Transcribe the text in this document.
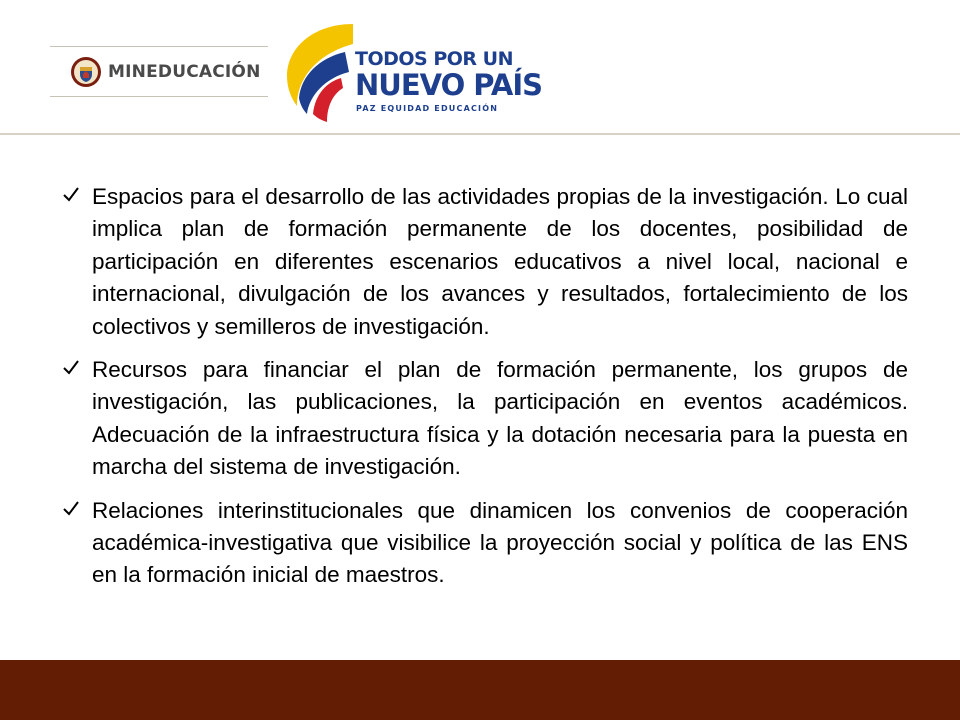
MINEDUCACIÓN
TODOS POR UN
NUEVO PAÍS
PAZ EQUIDAD EDUCACIÓN

Espacios para el desarrollo de las actividades propias de la investigación. Lo cual implica plan de formación permanente de los docentes, posibilidad de participación en diferentes escenarios educativos a nivel local, nacional e internacional, divulgación de los avances y resultados, fortalecimiento de los colectivos y semilleros de investigación.

Recursos para financiar el plan de formación permanente, los grupos de investigación, las publicaciones, la participación en eventos académicos. Adecuación de la infraestructura física y la dotación necesaria para la puesta en marcha del sistema de investigación.

Relaciones interinstitucionales que dinamicen los convenios de cooperación académica-investigativa que visibilice la proyección social y política de las ENS en la formación inicial de maestros.
